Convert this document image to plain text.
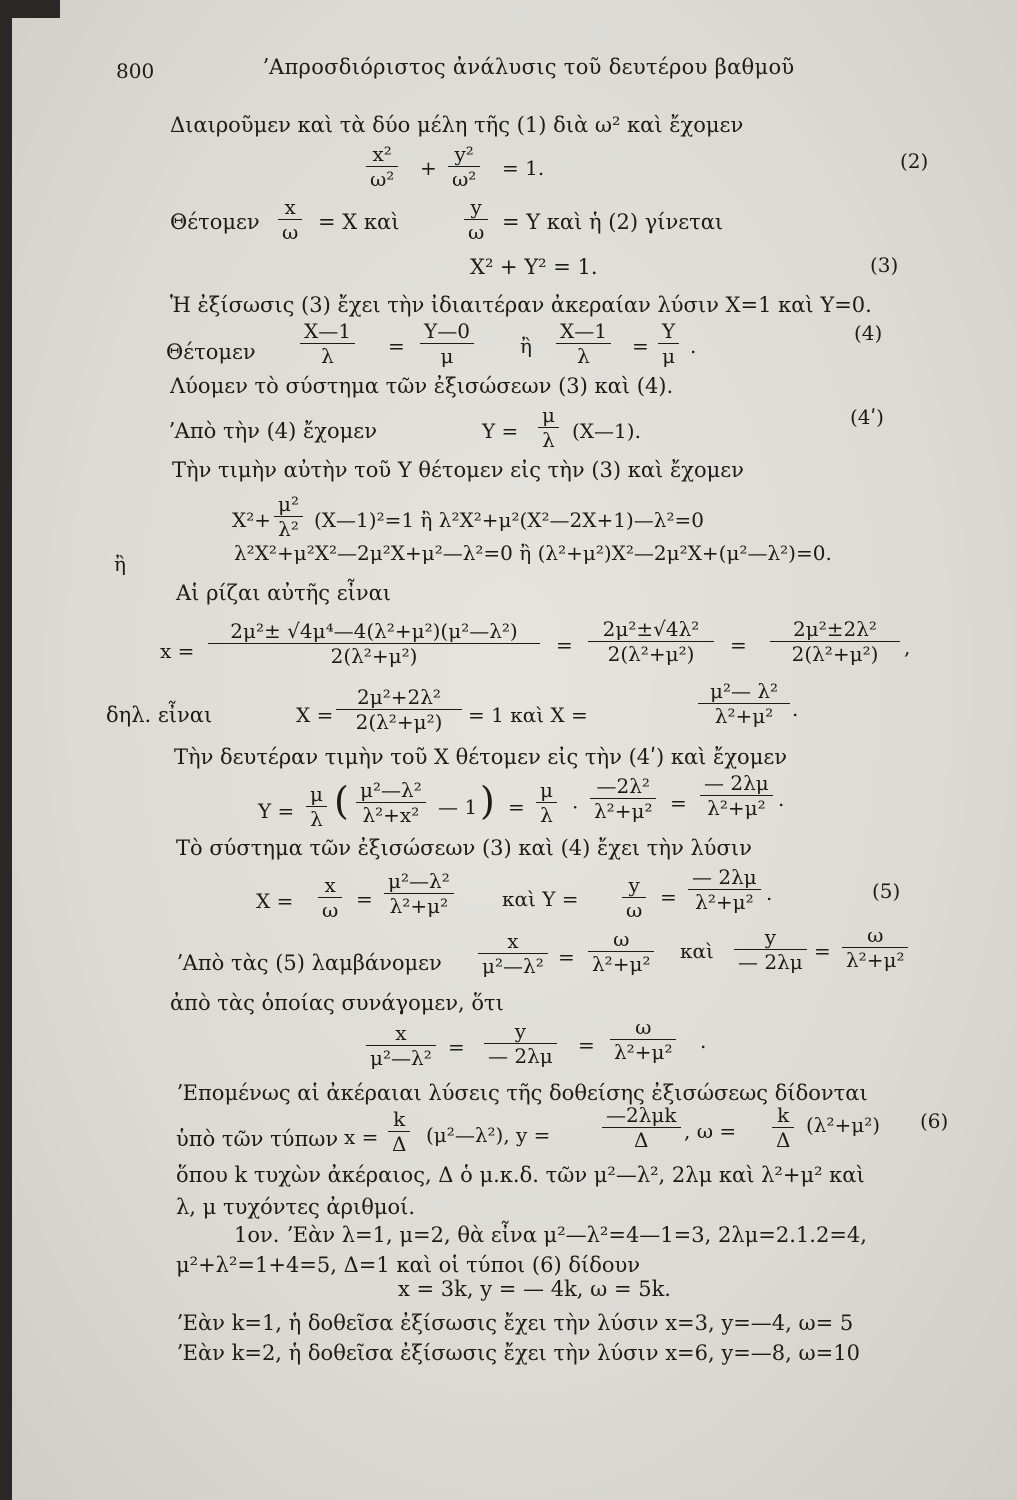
800	ʼΑπροσδιόριστος ἀνάλυσις τοῦ δευτέρου βαθμοῦ
Διαιροῦμεν καὶ τὰ δύο μέλη τῆς (1) διὰ ω² καὶ ἔχομεν
$\frac{\text{x²}}{\text{ω²}} + \frac{\text{y²}}{\text{ω²}} = 1$.	(2)
Θέτομεν $\frac{x}{\omega} = X$ καὶ	$\frac{y}{\omega} = Y$ καὶ ἡ (2) γίνεται
X² + Y² = 1.	(3)
Ἡ ἐξίσωσις (3) ἔχει τὴν ἰδιαιτέραν ἀκεραίαν λύσιν X=1 καὶ Y=0.
Θέτομεν $\frac{X—1}{\lambda} = \frac{Y—0}{\mu}$ ἢ $\frac{X—1}{\lambda} = \frac{Y}{\mu}$ .
(4)
Λύομεν τὸ σύστημα τῶν ἐξισώσεων (3) καὶ (4).
ʼΑπὸ τὴν (4) ἔχομεν	$Y = \frac{\mu}{\lambda}$ (X—1).
(4ʹ)
Τὴν τιμὴν αὐτὴν τοῦ Y θέτομεν εἰς τὴν (3) καὶ ἔχομεν
$X^2+ \frac{\text{μ²}}{\text{λ²}}$ (X—1)²=1 ἢ λ²X²+μ²(X²—2X+1)—λ²=0
ἢ	λ²X²+μ²X²—2μ²X+μ²—λ²=0 ἢ (λ²+μ²)X²—2μ²X+(μ²—λ²)=0.
Αἱ ρίζαι αὐτῆς εἶναι
$x = \frac{\text{2μ²± √4μ⁴—4(λ²+μ²)(μ²—λ²)}}{\text{2(λ²+μ²)}} = \frac{\text{2μ²±√4λ²}}{\text{2(λ²+μ²)}} = \frac{\text{2μ²±2λ²}}{\text{2(λ²+μ²)}}$ ,
δηλ. εἶναι	$X = \frac{\text{2μ²+2λ²}}{\text{2(λ²+μ²)}} = 1$ καὶ X =	$\frac{\text{μ²— λ²}}{\text{λ²+μ²}}$ .
Τὴν δευτέραν τιμὴν τοῦ X θέτομεν εἰς τὴν (4ʹ) καὶ ἔχομεν
$Y = \frac{\mu}{\lambda}$ ( $\frac{\text{μ²—λ²}}{\text{λ²+x²}}$ — 1 ) = $\frac{\mu}{\lambda} \cdot \frac{\text{—2λ²}}{\text{λ²+μ²}} = \frac{— 2\lambda\mu}{\text{λ²+μ²}}$ .
Τὸ σύστημα τῶν ἐξισώσεων (3) καὶ (4) ἔχει τὴν λύσιν
$X = \frac{x}{\omega} = \frac{\text{μ²—λ²}}{\text{λ²+μ²}}$ καὶ $Y = \frac{y}{\omega} = \frac{— 2\lambda\mu}{\text{λ²+μ²}}$ .	(5)
ʼΑπὸ τὰς (5) λαμβάνομεν $\frac{x}{\text{μ²—λ²}} = \frac{\omega}{\text{λ²+μ²}}$ καὶ $\frac{y}{— 2\lambda\mu} = \frac{\omega}{\text{λ²+μ²}}$
ἀπὸ τὰς ὁποίας συνάγομεν, ὅτι
$\frac{x}{\text{μ²—λ²}} = \frac{y}{— 2\lambda\mu} = \frac{\omega}{\text{λ²+μ²}}$ .
ʼΕπομένως αἱ ἀκέραιαι λύσεις τῆς δοθείσης ἐξισώσεως δίδονται
ὑπὸ τῶν τύπων $x = \frac{k}{\Delta}$ (μ²—λ²), y =
—2λμk
Δ	, $\omega = \frac{k}{\Delta} (\lambda^2+\mu^2)$ (6)
ὅπου k τυχὼν ἀκέραιος, Δ ὁ μ.κ.δ. τῶν μ²—λ², 2λμ καὶ λ²+μ² καὶ
λ, μ τυχόντες ἀριθμοί.
1ον. ʼΕὰν λ=1, μ=2, θὰ εἶνα μ²—λ²=4—1=3, 2λμ=2.1.2=4,
μ²+λ²=1+4=5, Δ=1 καὶ οἱ τύποι (6) δίδουν
x = 3k, y = — 4k, ω = 5k.
ʼΕὰν k=1, ἡ δοθεῖσα ἐξίσωσις ἔχει τὴν λύσιν x=3, y=—4, ω= 5
ʼΕὰν k=2, ἡ δοθεῖσα ἐξίσωσις ἔχει τὴν λύσιν x=6, y=—8, ω=10
